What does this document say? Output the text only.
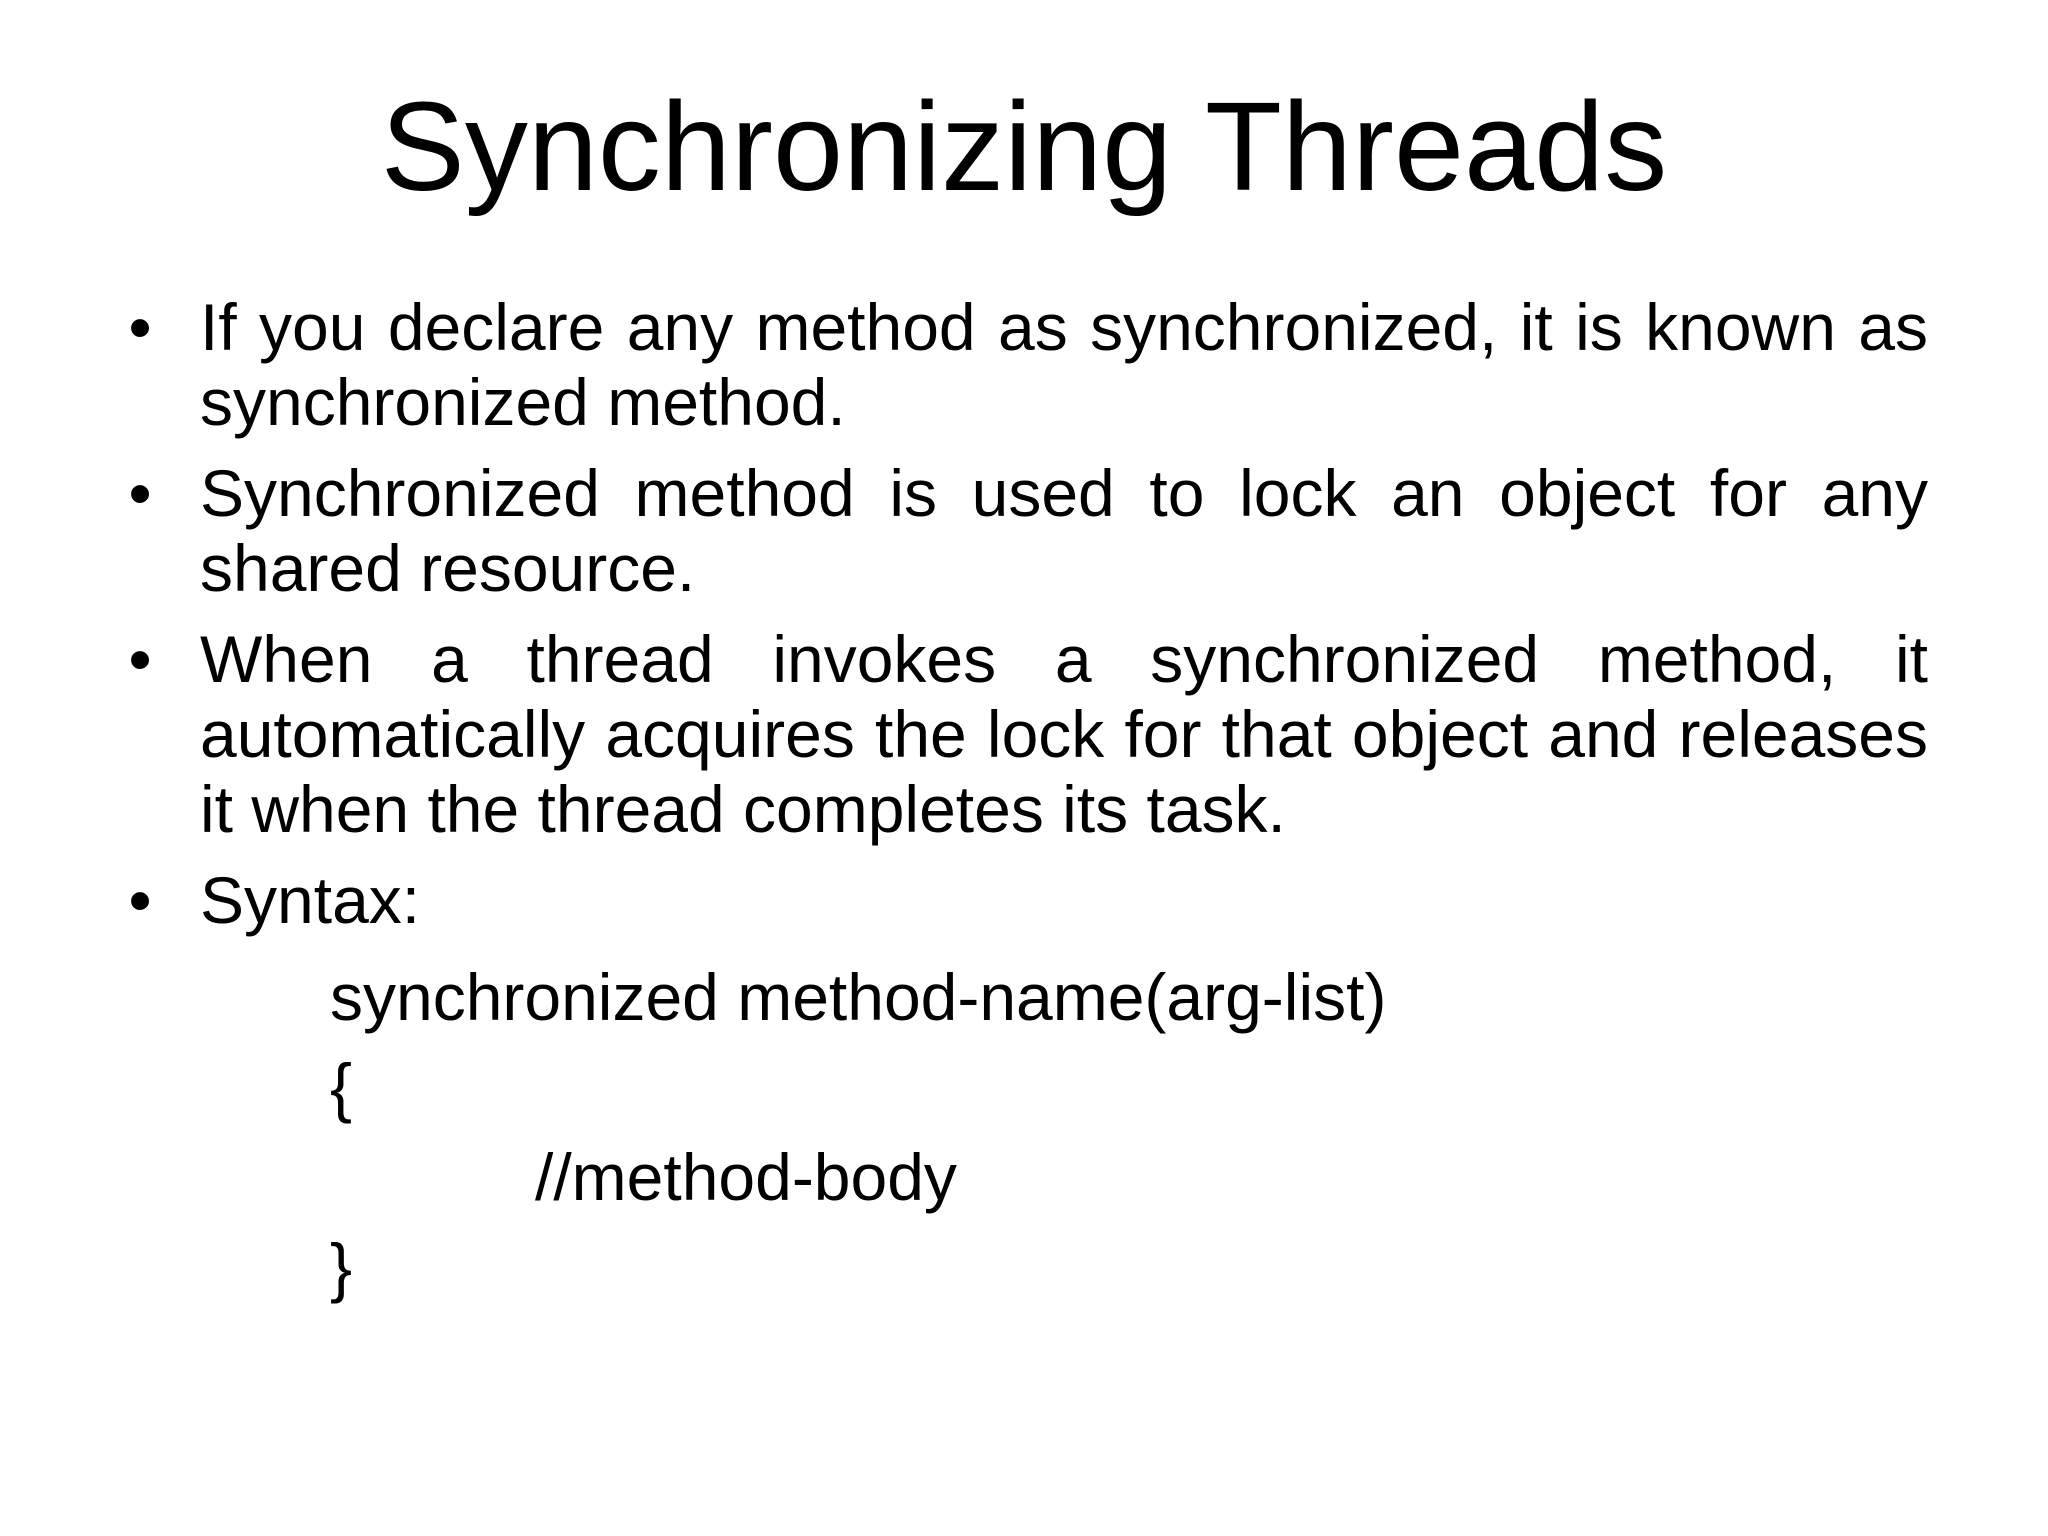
Synchronizing Threads
• If you declare any method as synchronized, it is known as synchronized method.
• Synchronized method is used to lock an object for any shared resource.
• When a thread invokes a synchronized method, it automatically acquires the lock for that object and releases it when the thread completes its task.
• Syntax:
synchronized method-name(arg-list)
{
//method-body
}
